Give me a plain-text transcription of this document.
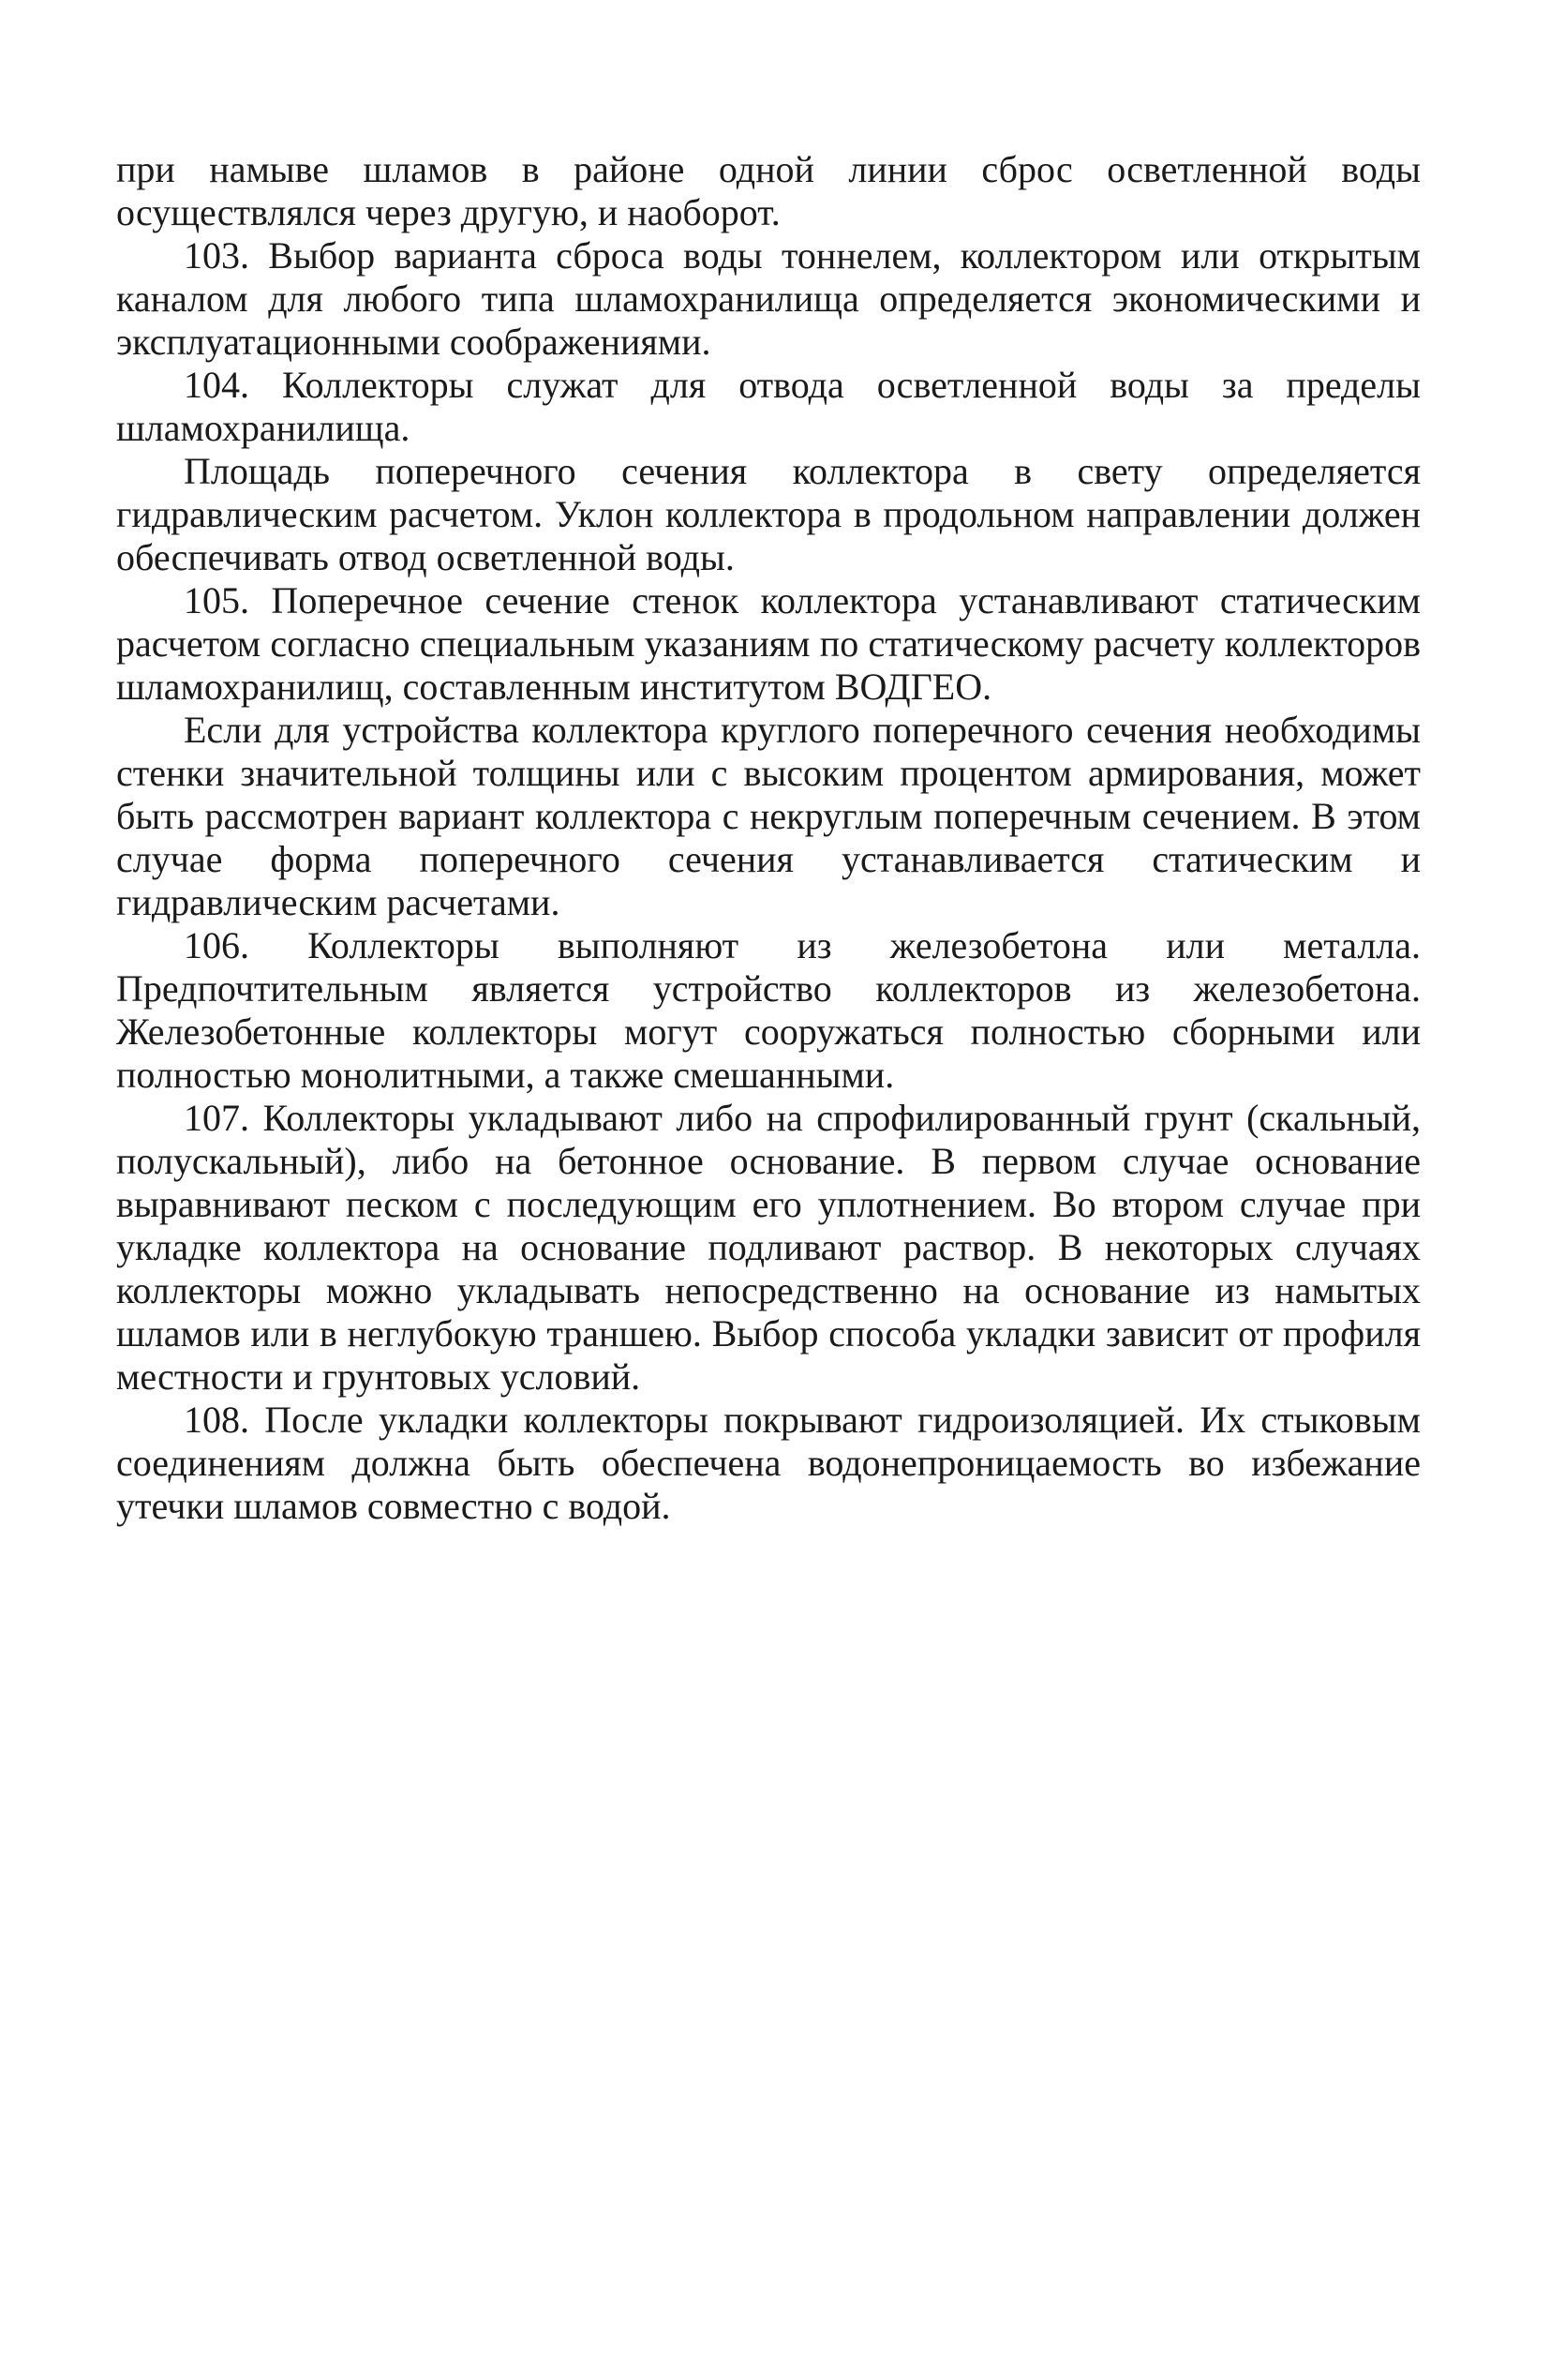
при намыве шламов в районе одной линии сброс осветленной воды осуществлялся через другую, и наоборот.

103. Выбор варианта сброса воды тоннелем, коллектором или открытым каналом для любого типа шламохранилища определяется экономическими и эксплуатационными соображениями.

104. Коллекторы служат для отвода осветленной воды за пределы шламохранилища.

Площадь поперечного сечения коллектора в свету определяется гидравлическим расчетом. Уклон коллектора в продольном направлении должен обеспечивать отвод осветленной воды.

105. Поперечное сечение стенок коллектора устанавливают статическим расчетом согласно специальным указаниям по статическому расчету коллекторов шламохранилищ, составленным институтом ВОДГЕО.

Если для устройства коллектора круглого поперечного сечения необходимы стенки значительной толщины или с высоким процентом армирования, может быть рассмотрен вариант коллектора с некруглым поперечным сечением. В этом случае форма поперечного сечения устанавливается статическим и гидравлическим расчетами.

106. Коллекторы выполняют из железобетона или металла. Предпочтительным является устройство коллекторов из железобетона. Железобетонные коллекторы могут сооружаться полностью сборными или полностью монолитными, а также смешанными.

107. Коллекторы укладывают либо на спрофилированный грунт (скальный, полускальный), либо на бетонное основание. В первом случае основание выравнивают песком с последующим его уплотнением. Во втором случае при укладке коллектора на основание подливают раствор. В некоторых случаях коллекторы можно укладывать непосредственно на основание из намытых шламов или в неглубокую траншею. Выбор способа укладки зависит от профиля местности и грунтовых условий.

108. После укладки коллекторы покрывают гидроизоляцией. Их стыковым соединениям должна быть обеспечена водонепроницаемость во избежание утечки шламов совместно с водой.
